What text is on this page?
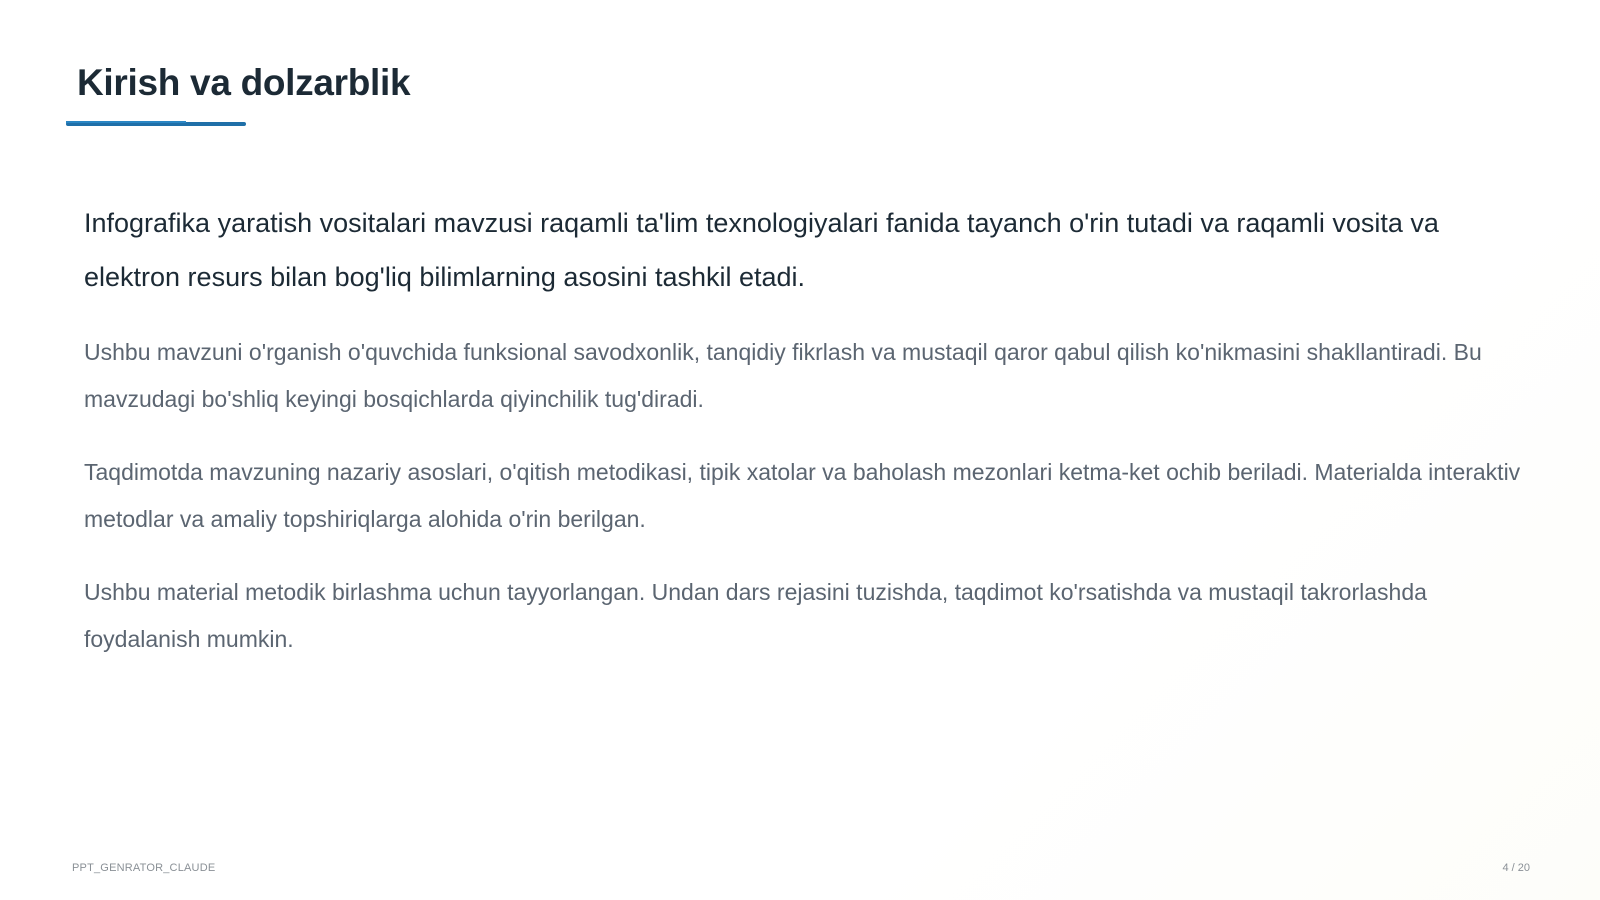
Kirish va dolzarblik

Infografika yaratish vositalari mavzusi raqamli ta'lim texnologiyalari fanida tayanch o'rin tutadi va raqamli vosita va elektron resurs bilan bog'liq bilimlarning asosini tashkil etadi.

Ushbu mavzuni o'rganish o'quvchida funksional savodxonlik, tanqidiy fikrlash va mustaqil qaror qabul qilish ko'nikmasini shakllantiradi. Bu mavzudagi bo'shliq keyingi bosqichlarda qiyinchilik tug'diradi.

Taqdimotda mavzuning nazariy asoslari, o'qitish metodikasi, tipik xatolar va baholash mezonlari ketma-ket ochib beriladi. Materialda interaktiv metodlar va amaliy topshiriqlarga alohida o'rin berilgan.

Ushbu material metodik birlashma uchun tayyorlangan. Undan dars rejasini tuzishda, taqdimot ko'rsatishda va mustaqil takrorlashda foydalanish mumkin.

PPT_GENRATOR_CLAUDE	4 / 20
